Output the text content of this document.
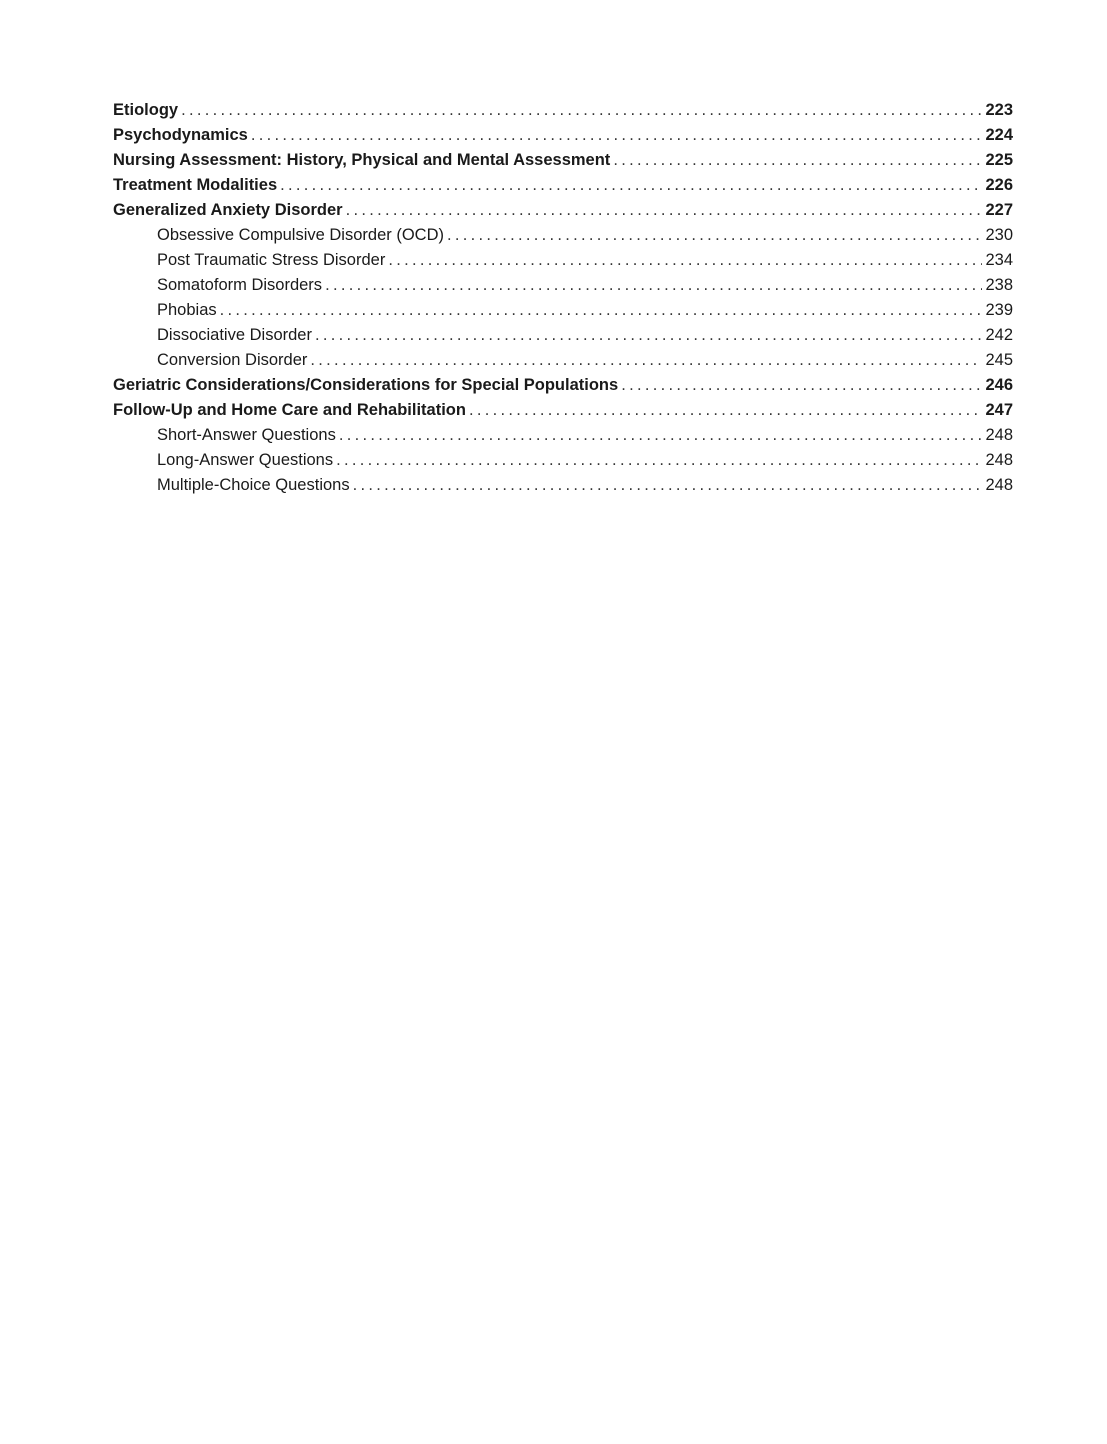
Etiology .....	223
Psychodynamics .....	224
Nursing Assessment: History, Physical and Mental Assessment .....	225
Treatment Modalities .....	226
Generalized Anxiety Disorder .....	227
Obsessive Compulsive Disorder (OCD) .....	230
Post Traumatic Stress Disorder .....	234
Somatoform Disorders .....	238
Phobias .....	239
Dissociative Disorder .....	242
Conversion Disorder .....	245
Geriatric Considerations/Considerations for Special Populations .....	246
Follow-Up and Home Care and Rehabilitation .....	247
Short-Answer Questions .....	248
Long-Answer Questions .....	248
Multiple-Choice Questions .....	248
